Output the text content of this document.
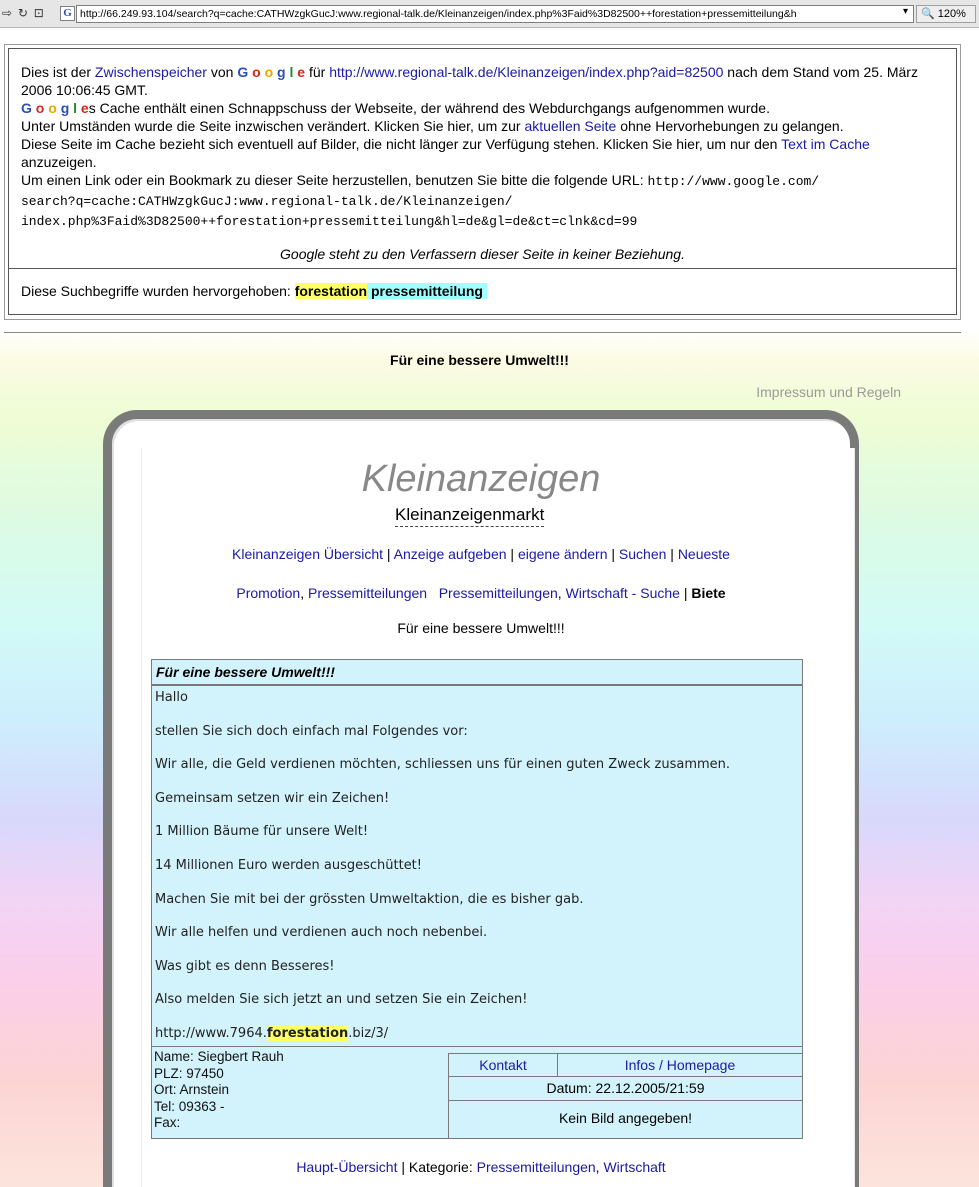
⇨ ↻ ⊡ G http://66.249.93.104/search?q=cache:CATHWzgkGucJ:www.regional-talk.de/Kleinanzeigen/index.php%3Faid%3D82500++forestation+pressemitteilung&h	▾	🔍 120%

Dies ist der Zwischenspeicher von G o o g l e für http://www.regional-talk.de/Kleinanzeigen/index.php?aid=82500 nach dem Stand vom 25. März 2006 10:06:45 GMT.

G o o g l es Cache enthält einen Schnappschuss der Webseite, der während des Webdurchgangs aufgenommen wurde.

Unter Umständen wurde die Seite inzwischen verändert. Klicken Sie hier, um zur aktuellen Seite ohne Hervorhebungen zu gelangen.

Diese Seite im Cache bezieht sich eventuell auf Bilder, die nicht länger zur Verfügung stehen. Klicken Sie hier, um nur den Text im Cache anzuzeigen.

Um einen Link oder ein Bookmark zu dieser Seite herzustellen, benutzen Sie bitte die folgende URL: http://www.google.com/
search?q=cache:CATHWzgkGucJ:www.regional-talk.de/Kleinanzeigen/
index.php%3Faid%3D82500++forestation+pressemitteilung&hl=de&gl=de&ct=clnk&cd=99

Google steht zu den Verfassern dieser Seite in keiner Beziehung.

Diese Suchbegriffe wurden hervorgehoben: forestation pressemitteilung
Für eine bessere Umwelt!!!
Impressum und Regeln
Kleinanzeigen
Kleinanzeigenmarkt
Kleinanzeigen Übersicht | Anzeige aufgeben | eigene ändern | Suchen | Neueste
Promotion, Pressemitteilungen Pressemitteilungen, Wirtschaft - Suche | Biete
Für eine bessere Umwelt!!!
Für eine bessere Umwelt!!!
Hallo
stellen Sie sich doch einfach mal Folgendes vor:
Wir alle, die Geld verdienen möchten, schliessen uns für einen guten Zweck zusammen.
Gemeinsam setzen wir ein Zeichen!
1 Million Bäume für unsere Welt!
14 Millionen Euro werden ausgeschüttet!
Machen Sie mit bei der grössten Umweltaktion, die es bisher gab.
Wir alle helfen und verdienen auch noch nebenbei.
Was gibt es denn Besseres!
Also melden Sie sich jetzt an und setzen Sie ein Zeichen!
http://www.7964.forestation.biz/3/
Name: Siegbert Rauh
PLZ: 97450
Ort: Arnstein
Tel: 09363 -
Fax:
Kontakt	Infos / Homepage
Datum: 22.12.2005/21:59
Kein Bild angegeben!
Haupt-Übersicht | Kategorie: Pressemitteilungen, Wirtschaft
